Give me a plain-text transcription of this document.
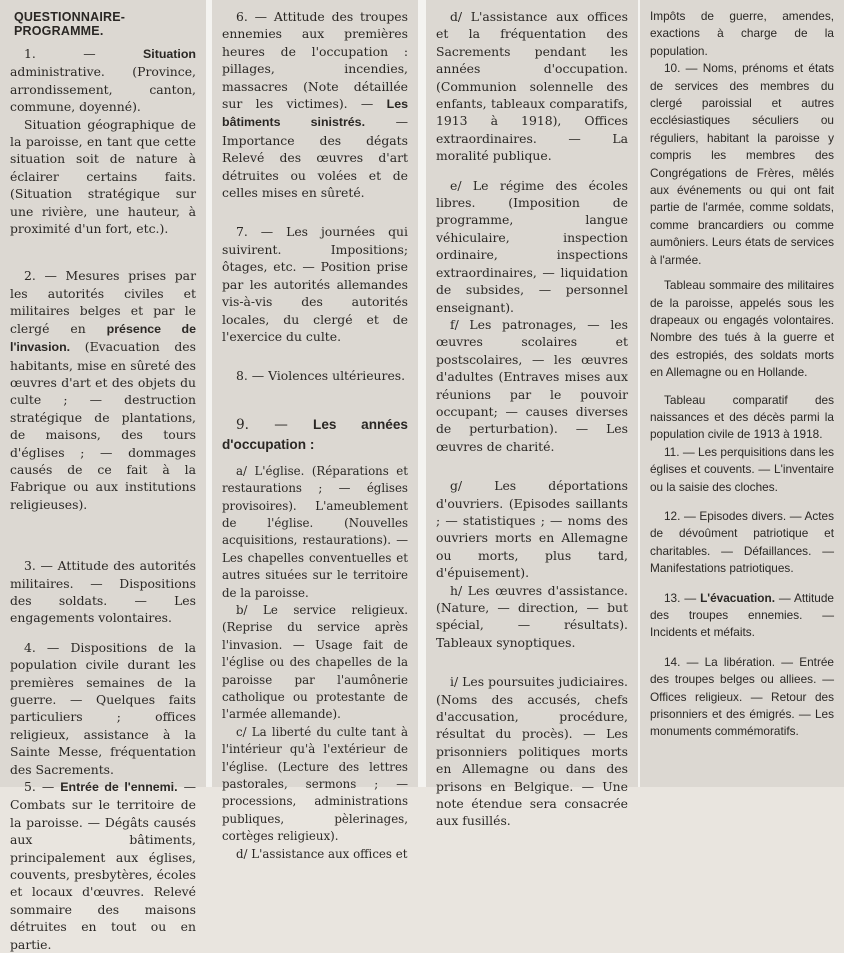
QUESTIONNAIRE-PROGRAMME.

1. — Situation administrative. (Province, arrondissement, canton, commune, doyenné).

Situation géographique de la paroisse, en tant que cette situation soit de nature à éclairer certains faits. (Situation stratégique sur une rivière, une hauteur, à proximité d'un fort, etc.).

2. — Mesures prises par les autorités civiles et militaires belges et par le clergé en présence de l'invasion. (Evacuation des habitants, mise en sûreté des œuvres d'art et des objets du culte ; — destruction stratégique de plantations, de maisons, des tours d'églises ; — dommages causés de ce fait à la Fabrique ou aux institutions religieuses).

3. — Attitude des autorités militaires. — Dispositions des soldats. — Les engagements volontaires.

4. — Dispositions de la population civile durant les premières semaines de la guerre. — Quelques faits particuliers ; offices religieux, assistance à la Sainte Messe, fréquentation des Sacrements.

5. — Entrée de l'ennemi. — Combats sur le territoire de la paroisse. — Dégâts causés aux bâtiments, principalement aux églises, couvents, presbytères, écoles et locaux d'œuvres. Relevé sommaire des maisons détruites en tout ou en partie.

6. — Attitude des troupes ennemies aux premières heures de l'occupation : pillages, incendies, massacres (Note détaillée sur les victimes). — Les bâtiments sinistrés. — Importance des dégats Relevé des œuvres d'art détruites ou volées et de celles mises en sûreté.

7. — Les journées qui suivirent. Impositions; ôtages, etc. — Position prise par les autorités allemandes vis-à-vis des autorités locales, du clergé et de l'exercice du culte.

8. — Violences ultérieures.

9. — Les années d'occupation :

a/ L'église. (Réparations et restaurations ; — églises provisoires). L'ameublement de l'église. (Nouvelles acquisitions, restaurations). — Les chapelles conventuelles et autres situées sur le territoire de la paroisse.

b/ Le service religieux. (Reprise du service après l'invasion. — Usage fait de l'église ou des chapelles de la paroisse par l'aumônerie catholique ou protestante de l'armée allemande).

c/ La liberté du culte tant à l'intérieur qu'à l'extérieur de l'église. (Lecture des lettres pastorales, sermons ; — processions, administrations publiques, pèlerinages, cortèges religieux).

d/ L'assistance aux offices et

d/ L'assistance aux offices et la fréquentation des Sacrements pendant les années d'occupation. (Communion solennelle des enfants, tableaux comparatifs, 1913 à 1918), Offices extraordinaires. — La moralité publique.

e/ Le régime des écoles libres. (Imposition de programme, langue véhiculaire, inspection ordinaire, inspections extraordinaires, — liquidation de subsides, — personnel enseignant).

f/ Les patronages, — les œuvres scolaires et postscolaires, — les œuvres d'adultes (Entraves mises aux réunions par le pouvoir occupant; — causes diverses de perturbation). — Les œuvres de charité.

g/ Les déportations d'ouvriers. (Episodes saillants ; — statistiques ; — noms des ouvriers morts en Allemagne ou morts, plus tard, d'épuisement).

h/ Les œuvres d'assistance. (Nature, — direction, — but spécial, — résultats). Tableaux synoptiques.

i/ Les poursuites judiciaires. (Noms des accusés, chefs d'accusation, procédure, résultat du procès). — Les prisonniers politiques morts en Allemagne ou dans des prisons en Belgique. — Une note étendue sera consacrée aux fusillés.

Impôts de guerre, amendes, exactions à charge de la population.

10. — Noms, prénoms et états de services des membres du clergé paroissial et autres ecclésiastiques séculiers ou réguliers, habitant la paroisse y compris les membres des Congrégations de Frères, mêlés aux événements ou qui ont fait partie de l'armée, comme soldats, comme brancardiers ou comme aumôniers. Leurs états de services à l'armée.

Tableau sommaire des militaires de la paroisse, appelés sous les drapeaux ou engagés volontaires. Nombre des tués à la guerre et des estropiés, des soldats morts en Allemagne ou en Hollande.

Tableau comparatif des naissances et des décès parmi la population civile de 1913 à 1918.

11. — Les perquisitions dans les églises et couvents. — L'inventaire ou la saisie des cloches.

12. — Episodes divers. — Actes de dévoûment patriotique et charitables. — Défaillances. — Manifestations patriotiques.

13. — L'évacuation. — Attitude des troupes ennemies. — Incidents et méfaits.

14. — La libération. — Entrée des troupes belges ou alliees. — Offices religieux. — Retour des prisonniers et des émigrés. — Les monuments commémoratifs.
